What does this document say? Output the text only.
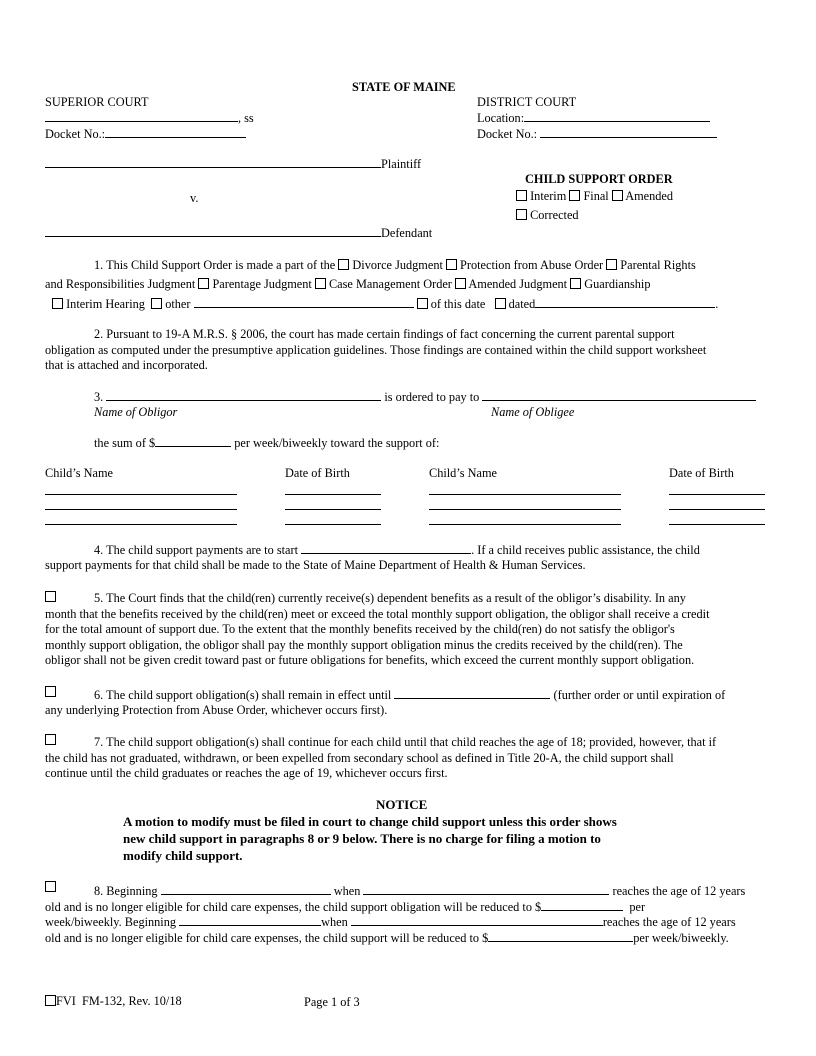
STATE OF MAINE
SUPERIOR COURT
, ss
Docket No.:
DISTRICT COURT
Location:
Docket No.:
Plaintiff
v.
Defendant
CHILD SUPPORT ORDER
Interim Final Amended
Corrected
1. This Child Support Order is made a part of the Divorce Judgment Protection from Abuse Order Parental Rights
and Responsibilities Judgment Parentage Judgment Case Management Order Amended Judgment Guardianship
Interim Hearing other	of this date dated	.
2. Pursuant to 19-A M.R.S. § 2006, the court has made certain findings of fact concerning the current parental support
obligation as computed under the presumptive application guidelines. Those findings are contained within the child support worksheet
that is attached and incorporated.
3.	is ordered to pay to
Name of Obligor	Name of Obligee
the sum of $	per week/biweekly toward the support of:
Child’s Name	Date of Birth	Child’s Name	Date of Birth
4. The child support payments are to start	. If a child receives public assistance, the child
support payments for that child shall be made to the State of Maine Department of Health & Human Services.
5. The Court finds that the child(ren) currently receive(s) dependent benefits as a result of the obligor’s disability. In any
month that the benefits received by the child(ren) meet or exceed the total monthly support obligation, the obligor shall receive a credit
for the total amount of support due. To the extent that the monthly benefits received by the child(ren) do not satisfy the obligor's
monthly support obligation, the obligor shall pay the monthly support obligation minus the credits received by the child(ren). The
obligor shall not be given credit toward past or future obligations for benefits, which exceed the current monthly support obligation.
6. The child support obligation(s) shall remain in effect until	(further order or until expiration of
any underlying Protection from Abuse Order, whichever occurs first).
7. The child support obligation(s) shall continue for each child until that child reaches the age of 18; provided, however, that if
the child has not graduated, withdrawn, or been expelled from secondary school as defined in Title 20-A, the child support shall
continue until the child graduates or reaches the age of 19, whichever occurs first.
NOTICE
A motion to modify must be filed in court to change child support unless this order shows
new child support in paragraphs 8 or 9 below. There is no charge for filing a motion to
modify child support.
8. Beginning	when	reaches the age of 12 years
old and is no longer eligible for child care expenses, the child support obligation will be reduced to $	per
week/biweekly. Beginning	when	reaches the age of 12 years
old and is no longer eligible for child care expenses, the child support will be reduced to $	per week/biweekly.
FVI FM-132, Rev. 10/18	Page 1 of 3
